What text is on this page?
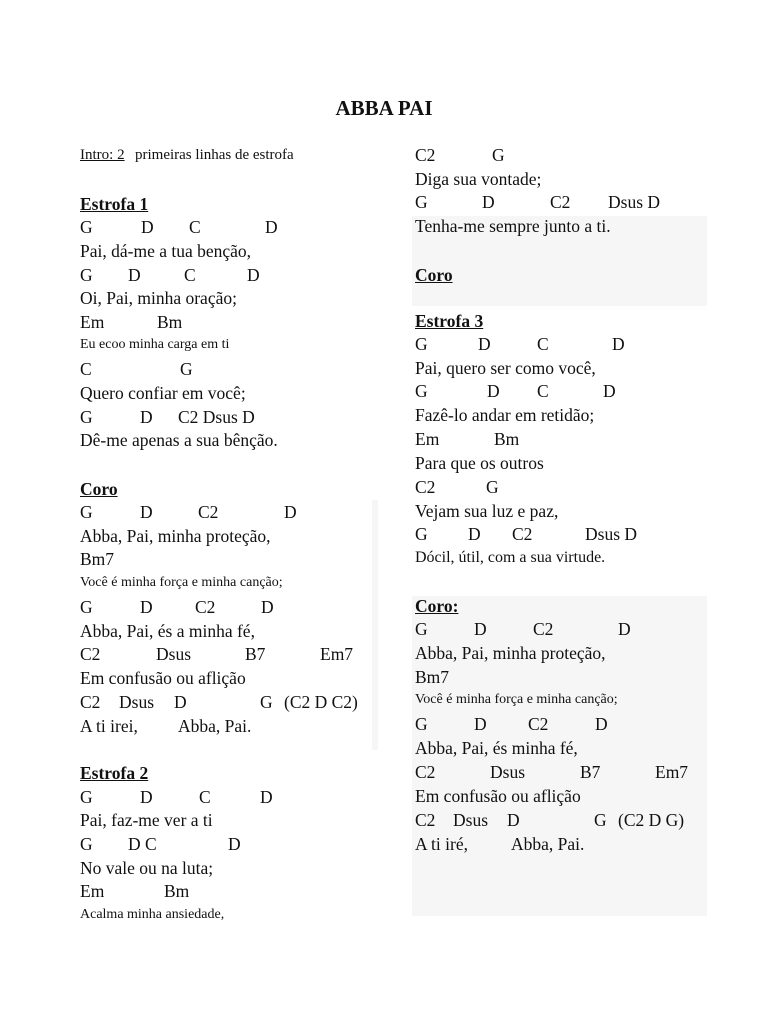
ABBA PAI
Intro: 2 primeiras linhas de estrofa
Estrofa 1
G	D C	D
Pai, dá-me a tua benção,
G D C	D
Oi, Pai, minha oração;
Em	Bm
Eu ecoo minha carga em ti
C	G
Quero confiar em você;
G	D C2 Dsus D
Dê-me apenas a sua bênção.
Coro
G	D	C2	D
Abba, Pai, minha proteção,
Bm7
Você é minha força e minha canção;
G	D C2	D
Abba, Pai, és a minha fé,
C2	Dsus	B7	Em7
Em confusão ou aflição
C2 Dsus D	G (C2 D C2)
A ti irei, Abba, Pai.
Estrofa 2
G	D	C	D
Pai, faz-me ver a ti
G D C	D
No vale ou na luta;
Em	Bm
Acalma minha ansiedade,
C2	G
Diga sua vontade;
G	D	C2 Dsus D
Tenha-me sempre junto a ti.
Coro
Estrofa 3
G	D	C	D
Pai, quero ser como você,
G	D C	D
Fazê-lo andar em retidão;
Em	Bm
Para que os outros
C2	G
Vejam sua luz e paz,
G D C2	Dsus D
Dócil, útil, com a sua virtude.
Coro:
G	D	C2	D
Abba, Pai, minha proteção,
Bm7
Você é minha força e minha canção;
G	D C2	D
Abba, Pai, és minha fé,
C2	Dsus	B7	Em7
Em confusão ou aflição
C2 Dsus D	G (C2 D G)
A ti iré, Abba, Pai.
